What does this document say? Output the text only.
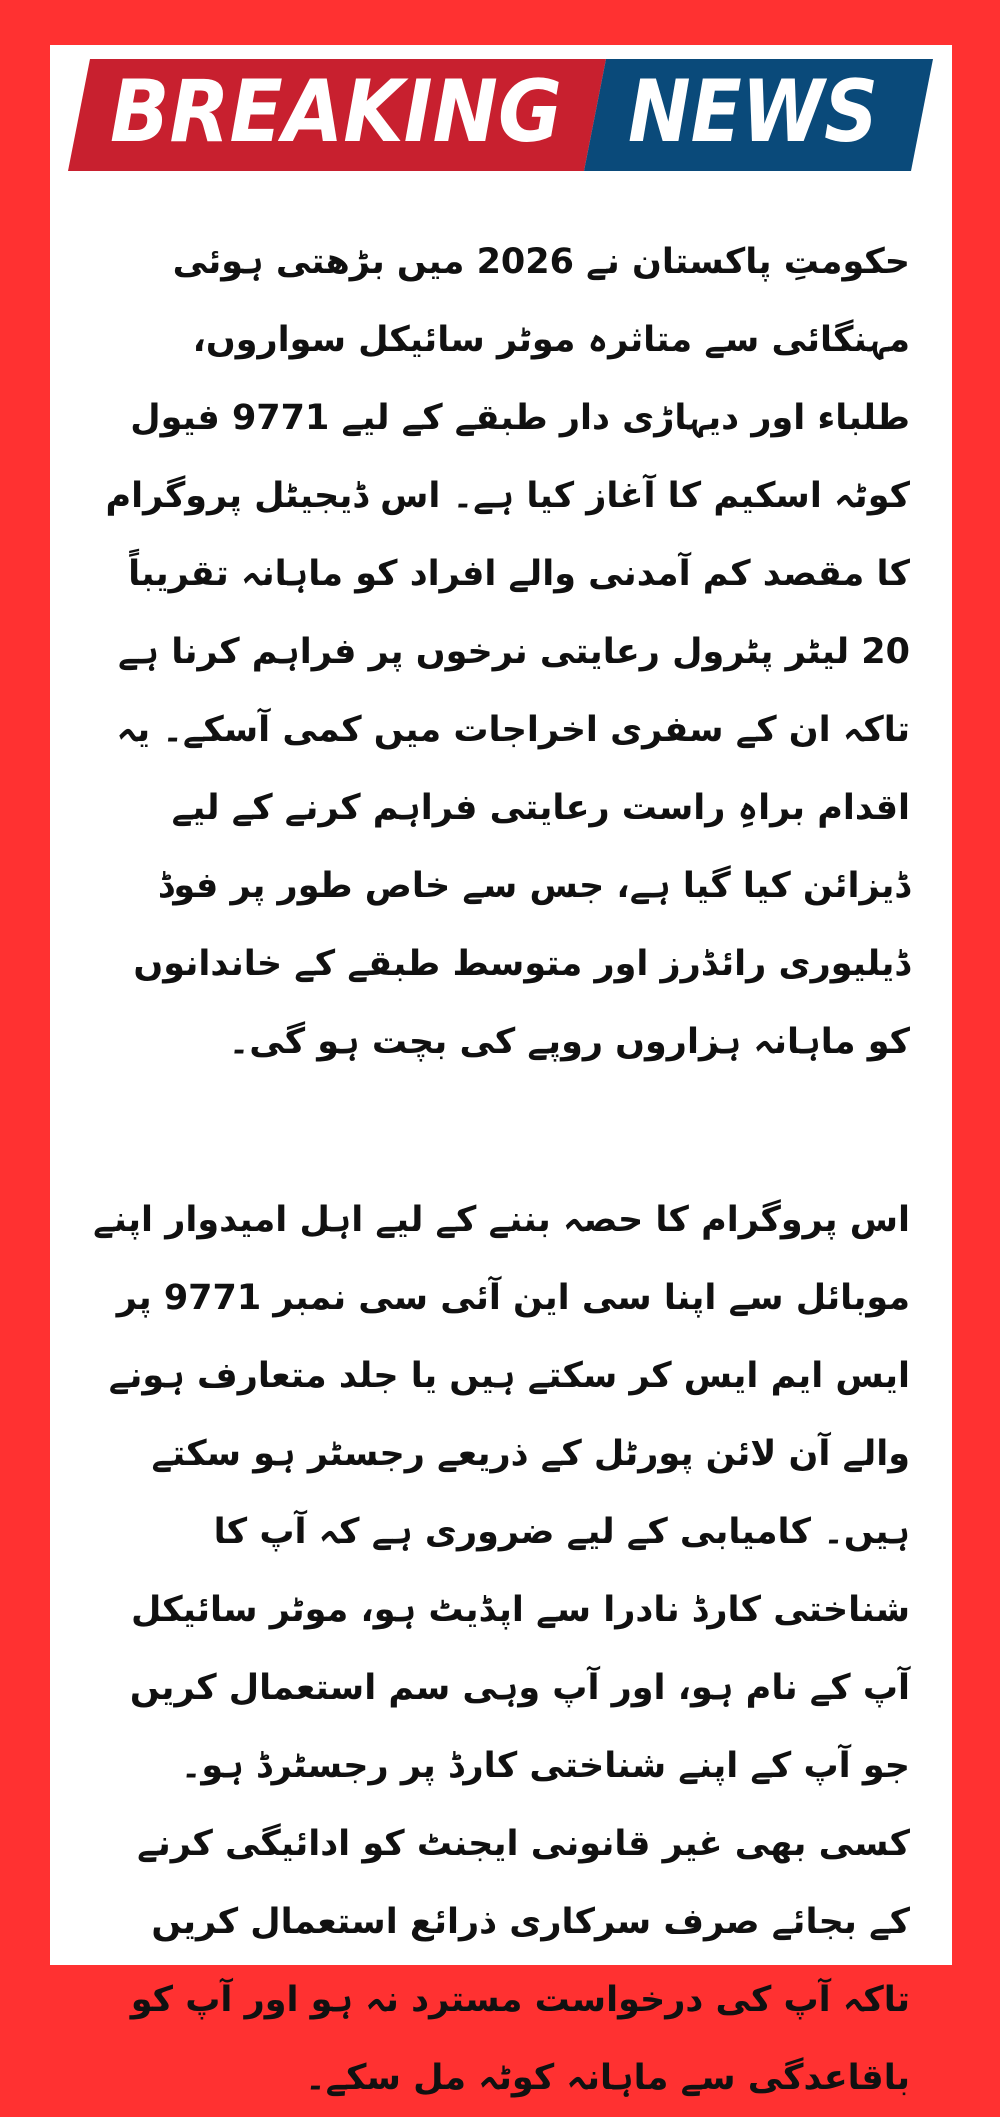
BREAKING NEWS

حکومتِ پاکستان نے 2026 میں بڑھتی ہوئی مہنگائی سے متاثرہ موٹر سائیکل سواروں، طلباء اور دیہاڑی دار طبقے کے لیے 9771 فیول کوٹہ اسکیم کا آغاز کیا ہے۔ اس ڈیجیٹل پروگرام کا مقصد کم آمدنی والے افراد کو ماہانہ تقریباً 20 لیٹر پٹرول رعایتی نرخوں پر فراہم کرنا ہے تاکہ ان کے سفری اخراجات میں کمی آسکے۔ یہ اقدام براہِ راست رعایتی فراہم کرنے کے لیے ڈیزائن کیا گیا ہے، جس سے خاص طور پر فوڈ ڈیلیوری رائڈرز اور متوسط طبقے کے خاندانوں کو ماہانہ ہزاروں روپے کی بچت ہو گی۔

اس پروگرام کا حصہ بننے کے لیے اہل امیدوار اپنے موبائل سے اپنا سی این آئی سی نمبر 9771 پر ایس ایم ایس کر سکتے ہیں یا جلد متعارف ہونے والے آن لائن پورٹل کے ذریعے رجسٹر ہو سکتے ہیں۔ کامیابی کے لیے ضروری ہے کہ آپ کا شناختی کارڈ نادرا سے اپڈیٹ ہو، موٹر سائیکل آپ کے نام ہو، اور آپ وہی سم استعمال کریں جو آپ کے اپنے شناختی کارڈ پر رجسٹرڈ ہو۔ کسی بھی غیر قانونی ایجنٹ کو ادائیگی کرنے کے بجائے صرف سرکاری ذرائع استعمال کریں تاکہ آپ کی درخواست مسترد نہ ہو اور آپ کو باقاعدگی سے ماہانہ کوٹہ مل سکے۔
